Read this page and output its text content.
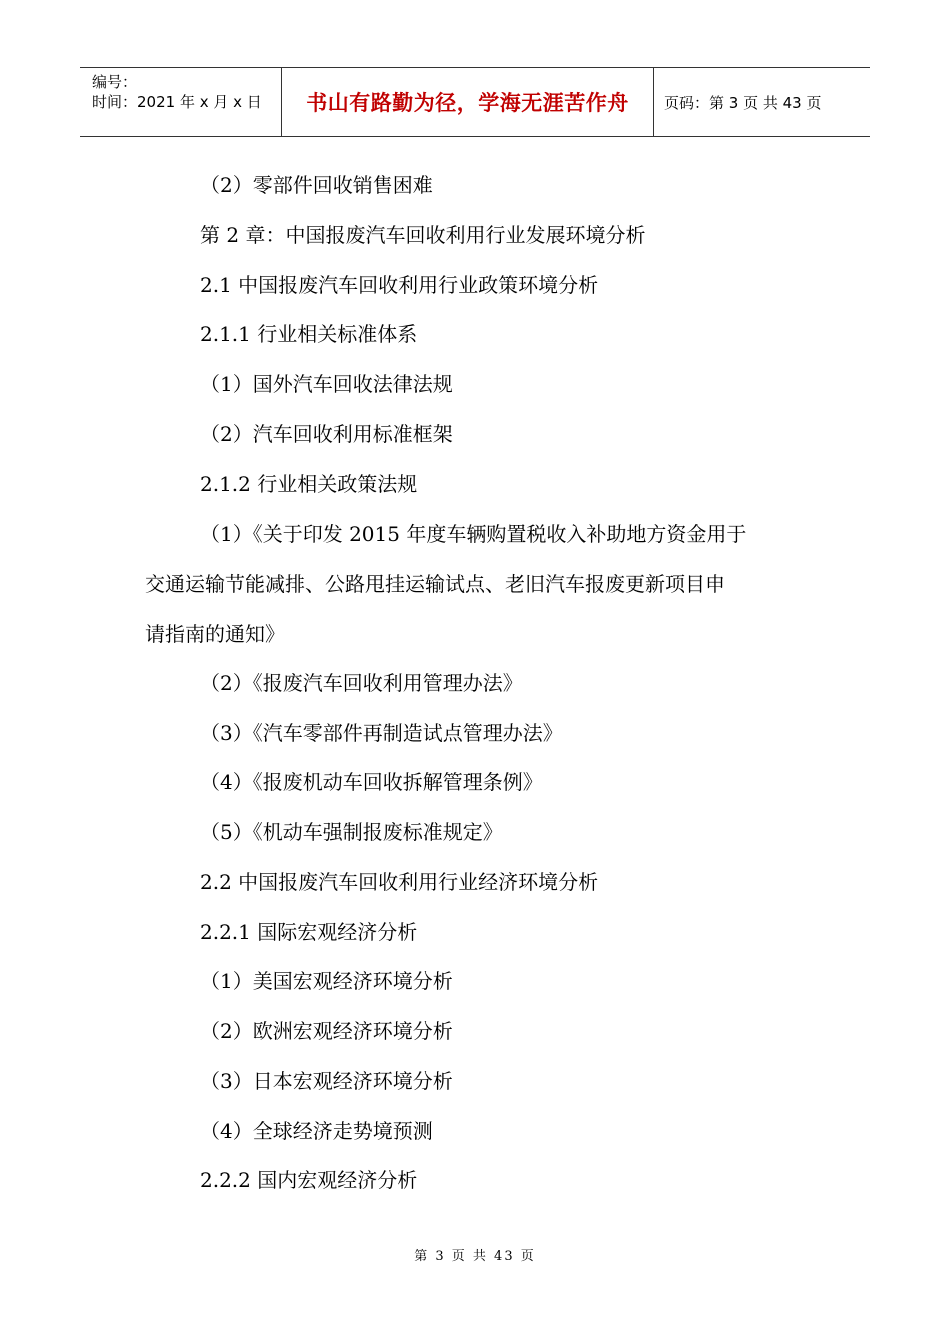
编号：
时间：2021 年 x 月 x 日	书山有路勤为径，学海无涯苦作舟	页码：第 3 页 共 43 页
（2）零部件回收销售困难
第 2 章：中国报废汽车回收利用行业发展环境分析
2.1 中国报废汽车回收利用行业政策环境分析
2.1.1 行业相关标准体系
（1）国外汽车回收法律法规
（2）汽车回收利用标准框架
2.1.2 行业相关政策法规
（1）《关于印发 2015 年度车辆购置税收入补助地方资金用于
交通运输节能减排、公路甩挂运输试点、老旧汽车报废更新项目申
请指南的通知》
（2）《报废汽车回收利用管理办法》
（3）《汽车零部件再制造试点管理办法》
（4）《报废机动车回收拆解管理条例》
（5）《机动车强制报废标准规定》
2.2 中国报废汽车回收利用行业经济环境分析
2.2.1 国际宏观经济分析
（1）美国宏观经济环境分析
（2）欧洲宏观经济环境分析
（3）日本宏观经济环境分析
（4）全球经济走势境预测
2.2.2 国内宏观经济分析
第 3 页 共 43 页
